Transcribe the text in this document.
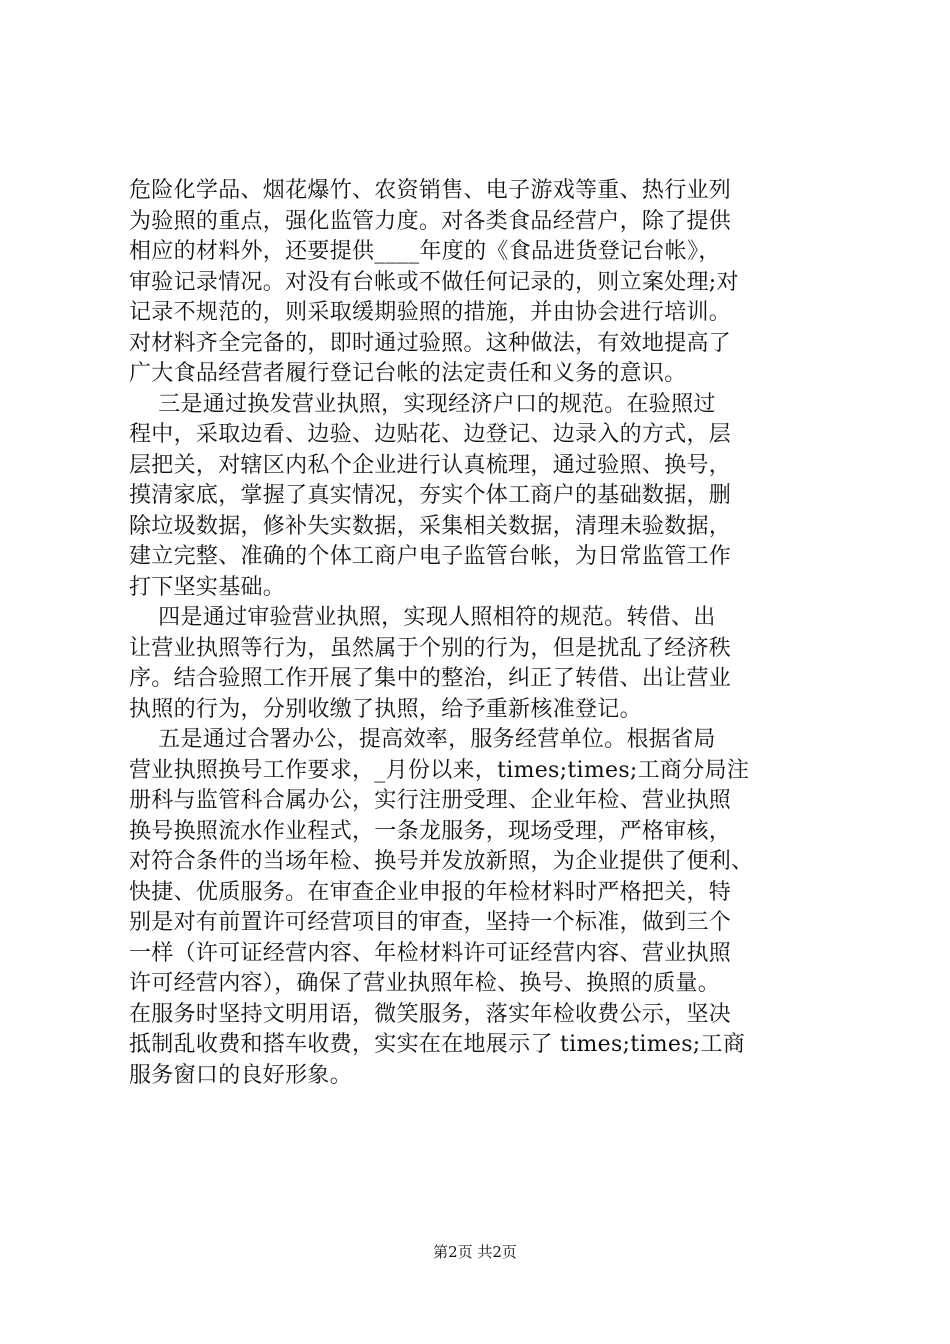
危险化学品、烟花爆竹、农资销售、电子游戏等重、热行业列
为验照的重点，强化监管力度。对各类食品经营户，除了提供
相应的材料外，还要提供____年度的《食品进货登记台帐》，
审验记录情况。对没有台帐或不做任何记录的，则立案处理;对
记录不规范的，则采取缓期验照的措施，并由协会进行培训。
对材料齐全完备的，即时通过验照。这种做法，有效地提高了
广大食品经营者履行登记台帐的法定责任和义务的意识。
三是通过换发营业执照，实现经济户口的规范。在验照过
程中，采取边看、边验、边贴花、边登记、边录入的方式，层
层把关，对辖区内私个企业进行认真梳理，通过验照、换号，
摸清家底，掌握了真实情况，夯实个体工商户的基础数据，删
除垃圾数据，修补失实数据，采集相关数据，清理未验数据，
建立完整、准确的个体工商户电子监管台帐，为日常监管工作
打下坚实基础。
四是通过审验营业执照，实现人照相符的规范。转借、出
让营业执照等行为，虽然属于个别的行为，但是扰乱了经济秩
序。结合验照工作开展了集中的整治，纠正了转借、出让营业
执照的行为，分别收缴了执照，给予重新核准登记。
五是通过合署办公，提高效率，服务经营单位。根据省局
营业执照换号工作要求，_月份以来，times;times;工商分局注
册科与监管科合属办公，实行注册受理、企业年检、营业执照
换号换照流水作业程式，一条龙服务，现场受理，严格审核，
对符合条件的当场年检、换号并发放新照，为企业提供了便利、
快捷、优质服务。在审查企业申报的年检材料时严格把关，特
别是对有前置许可经营项目的审查，坚持一个标准，做到三个
一样（许可证经营内容、年检材料许可证经营内容、营业执照
许可经营内容），确保了营业执照年检、换号、换照的质量。
在服务时坚持文明用语，微笑服务，落实年检收费公示，坚决
抵制乱收费和搭车收费，实实在在地展示了 times;times;工商
服务窗口的良好形象。
第2页 共2页
